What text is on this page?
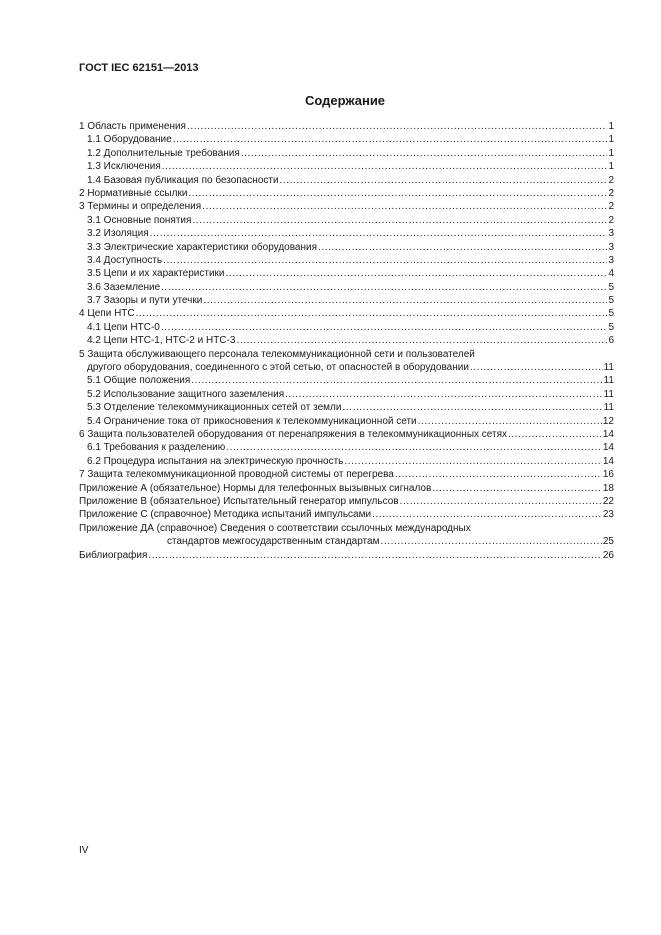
ГОСТ IEC 62151—2013
Содержание
1 Область применения .....	1
1.1 Оборудование .....	1
1.2 Дополнительные требования .....	1
1.3 Исключения .....	1
1.4 Базовая публикация по безопасности .....	2
2 Нормативные ссылки .....	2
3 Термины и определения .....	2
3.1 Основные понятия .....	2
3.2 Изоляция .....	3
3.3 Электрические характеристики оборудования .....	3
3.4 Доступность .....	3
3.5 Цепи и их характеристики .....	4
3.6 Заземление .....	5
3.7 Зазоры и пути утечки .....	5
4 Цепи НТС .....	5
4.1 Цепи НТС-0 .....	5
4.2 Цепи НТС-1, НТС-2 и НТС-3 .....	6
5 Защита обслуживающего персонала телекоммуникационной сети и пользователей
другого оборудования, соединенного с этой сетью, от опасностей в оборудовании .....	11
5.1 Общие положения .....	11
5.2 Использование защитного заземления .....	11
5.3 Отделение телекоммуникационных сетей от земли .....	11
5.4 Ограничение тока от прикосновения к телекоммуникационной сети .....	12
6 Защита пользователей оборудования от перенапряжения в телекоммуникационных сетях .....	14
6.1 Требования к разделению .....	14
6.2 Процедура испытания на электрическую прочность .....	14
7 Защита телекоммуникационной проводной системы от перегрева .....	16
Приложение А (обязательное) Нормы для телефонных вызывных сигналов .....	18
Приложение В (обязательное) Испытательный генератор импульсов .....	22
Приложение С (справочное) Методика испытаний импульсами .....	23
Приложение ДА (справочное) Сведения о соответствии ссылочных международных
стандартов межгосударственным стандартам .....	25
Библиография .....	26
IV
